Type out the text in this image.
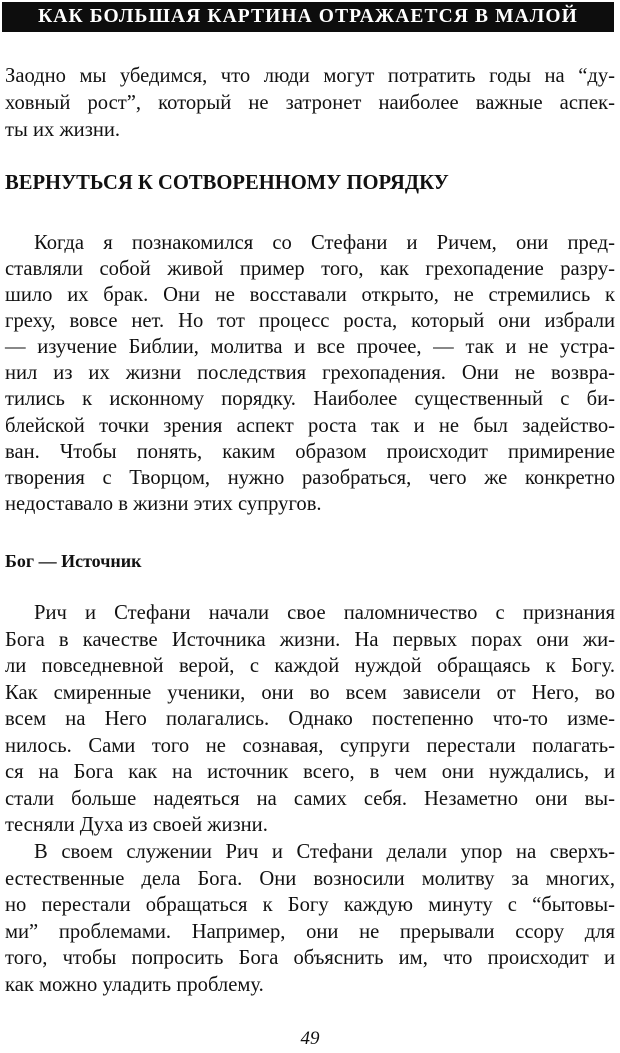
КАК БОЛЬШАЯ КАРТИНА ОТРАЖАЕТСЯ В МАЛОЙ
Заодно мы убедимся, что люди могут потратить годы на “ду-
ховный рост”, который не затронет наиболее важные аспек-
ты их жизни.
ВЕРНУТЬСЯ К СОТВОРЕННОМУ ПОРЯДКУ
Когда я познакомился со Стефани и Ричем, они пред-
ставляли собой живой пример того, как грехопадение разру-
шило их брак. Они не восставали открыто, не стремились к
греху, вовсе нет. Но тот процесс роста, который они избрали
— изучение Библии, молитва и все прочее, — так и не устра-
нил из их жизни последствия грехопадения. Они не возвра-
тились к исконному порядку. Наиболее существенный с би-
блейской точки зрения аспект роста так и не был задейство-
ван. Чтобы понять, каким образом происходит примирение
творения с Творцом, нужно разобраться, чего же конкретно
недоставало в жизни этих супругов.
Бог — Источник
Рич и Стефани начали свое паломничество с признания
Бога в качестве Источника жизни. На первых порах они жи-
ли повседневной верой, с каждой нуждой обращаясь к Богу.
Как смиренные ученики, они во всем зависели от Него, во
всем на Него полагались. Однако постепенно что-то изме-
нилось. Сами того не сознавая, супруги перестали полагать-
ся на Бога как на источник всего, в чем они нуждались, и
стали больше надеяться на самих себя. Незаметно они вы-
тесняли Духа из своей жизни.
В своем служении Рич и Стефани делали упор на сверхъ-
естественные дела Бога. Они возносили молитву за многих,
но перестали обращаться к Богу каждую минуту с “бытовы-
ми” проблемами. Например, они не прерывали ссору для
того, чтобы попросить Бога объяснить им, что происходит и
как можно уладить проблему.
49
